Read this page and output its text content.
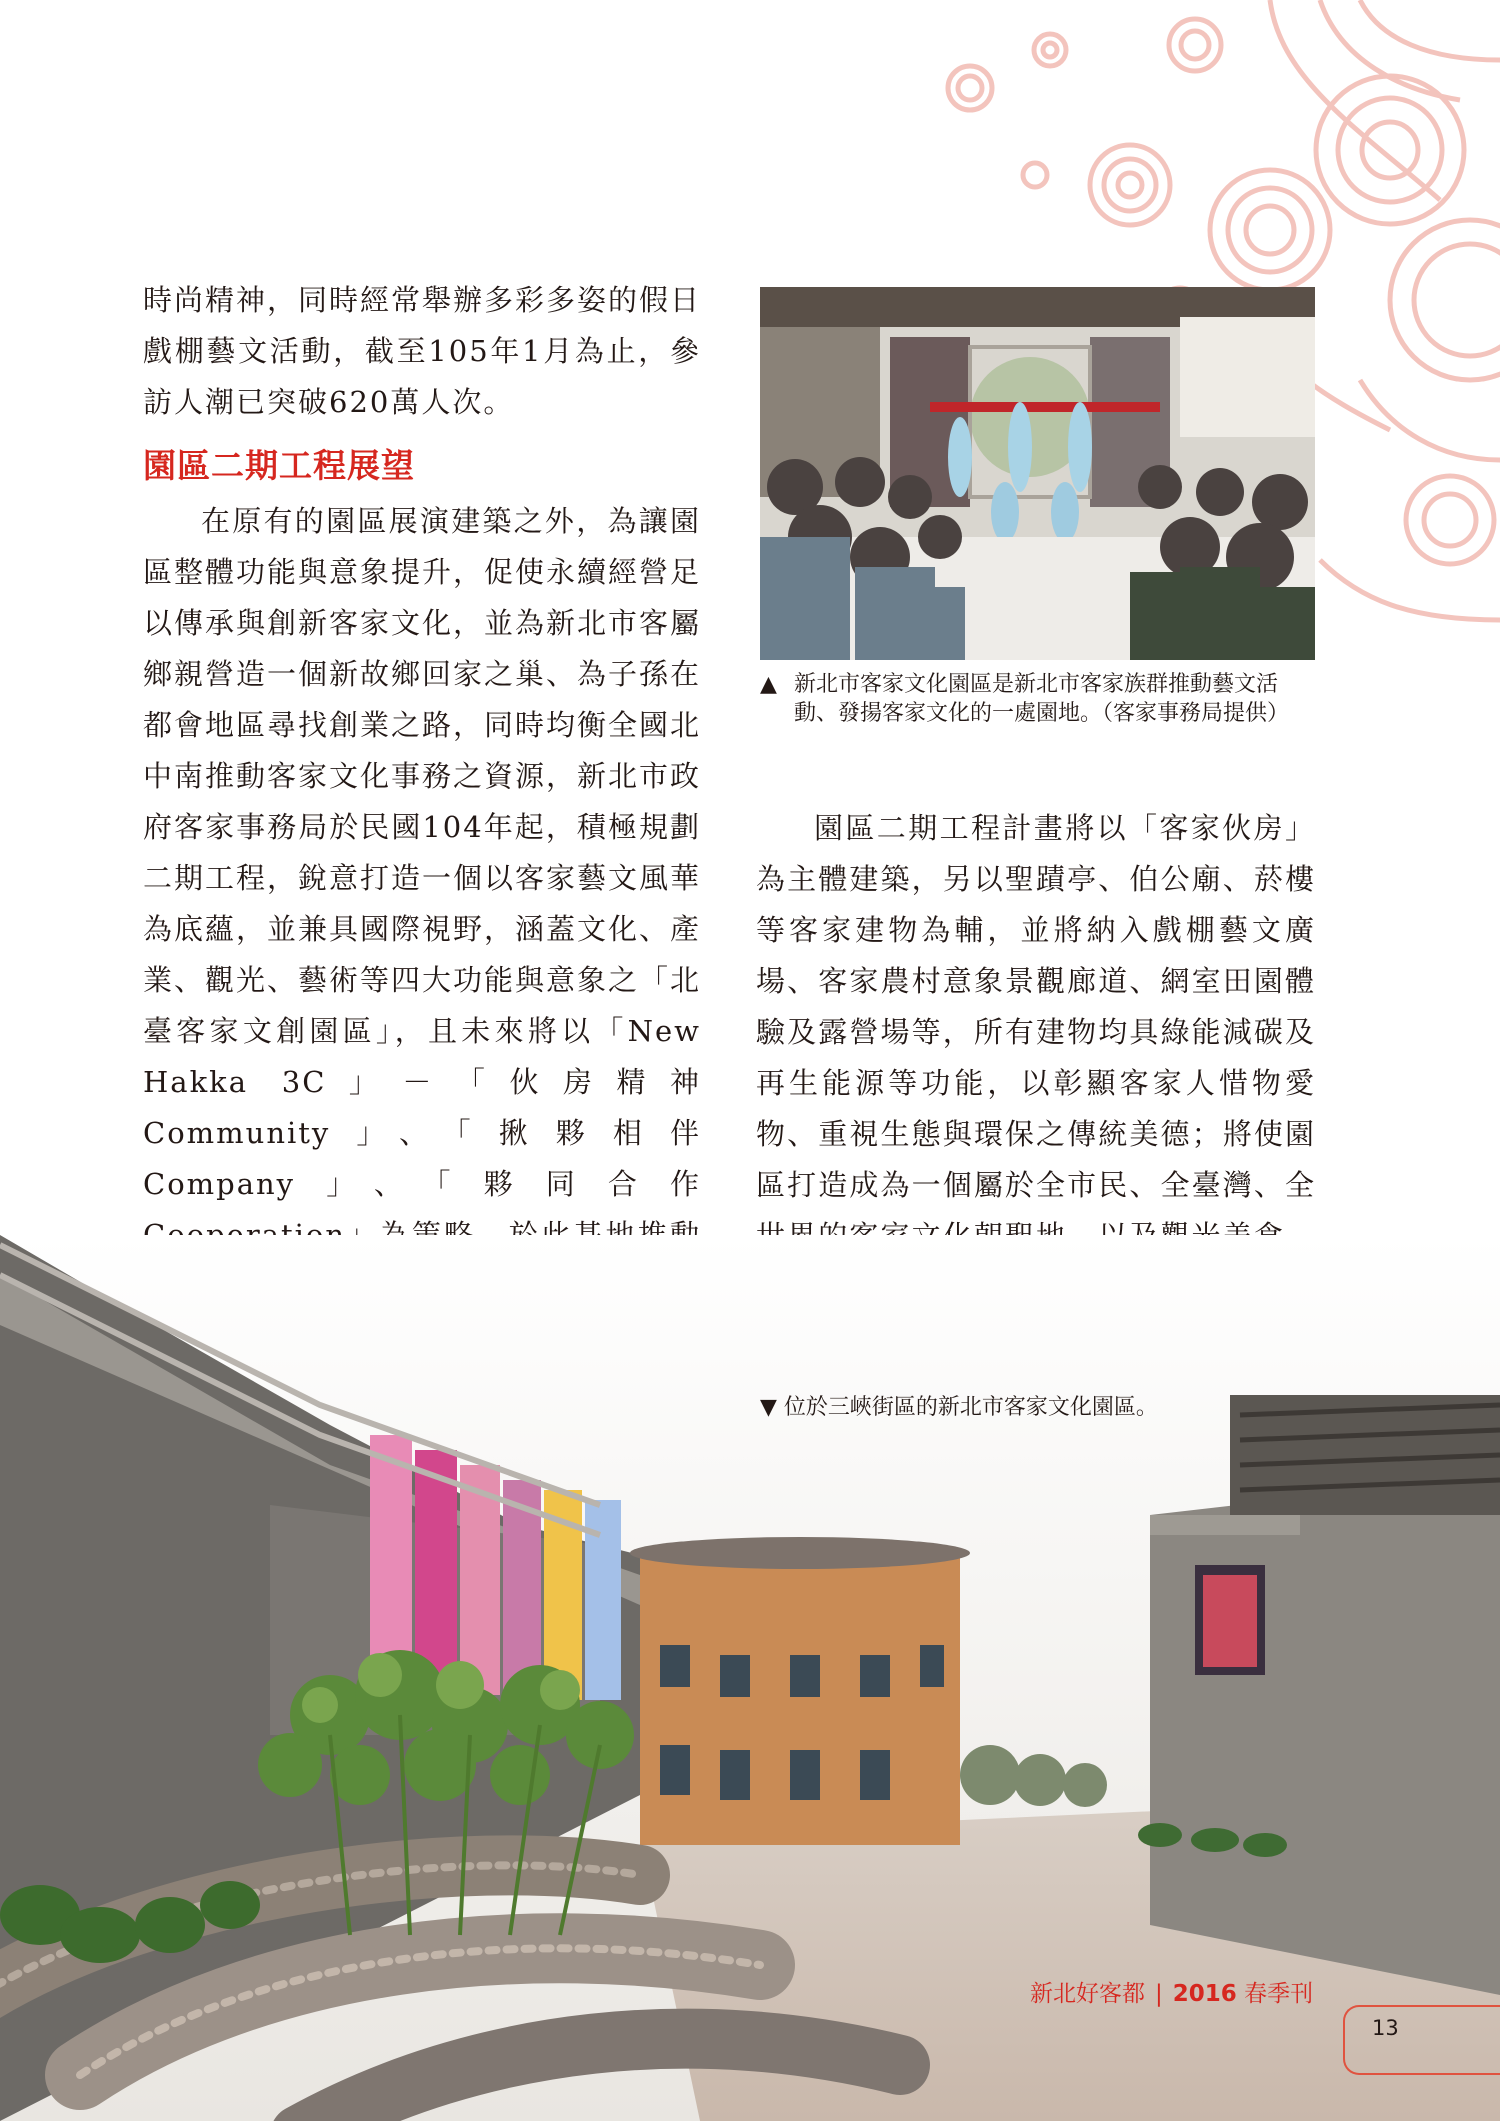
時尚精神，同時經常舉辦多彩多姿的假日戲棚藝文活動，截至105年1月為止，參訪人潮已突破620萬人次。

園區二期工程展望

在原有的園區展演建築之外，為讓園區整體功能與意象提升，促使永續經營足以傳承與創新客家文化，並為新北市客屬鄉親營造一個新故鄉回家之巢、為子孫在都會地區尋找創業之路，同時均衡全國北中南推動客家文化事務之資源，新北市政府客家事務局於民國104年起，積極規劃二期工程，銳意打造一個以客家藝文風華為底蘊，並兼具國際視野，涵蓋文化、產業、觀光、藝術等四大功能與意象之「北臺客家文創園區」，且未來將以「New Hakka 3C」－「伙房精神Community」、「揪夥相伴Company」、「夥同合作

▲ 新北市客家文化園區是新北市客家族群推動藝文活動、發揚客家文化的一處園地。（客家事務局提供）

園區二期工程計畫將以「客家伙房」為主體建築，另以聖蹟亭、伯公廟、菸樓等客家建物為輔，並將納入戲棚藝文廣場、客家農村意象景觀廊道、網室田園體驗及露營場等，所有建物均具綠能減碳及再生能源等功能，以彰顯客家人惜物愛物、重視生態與環保之傳統美德；將使園區打造成為一個屬於全市民、全臺灣、全

▼ 位於三峽街區的新北市客家文化園區。
新北好客都 | 2016 春季刊
13
